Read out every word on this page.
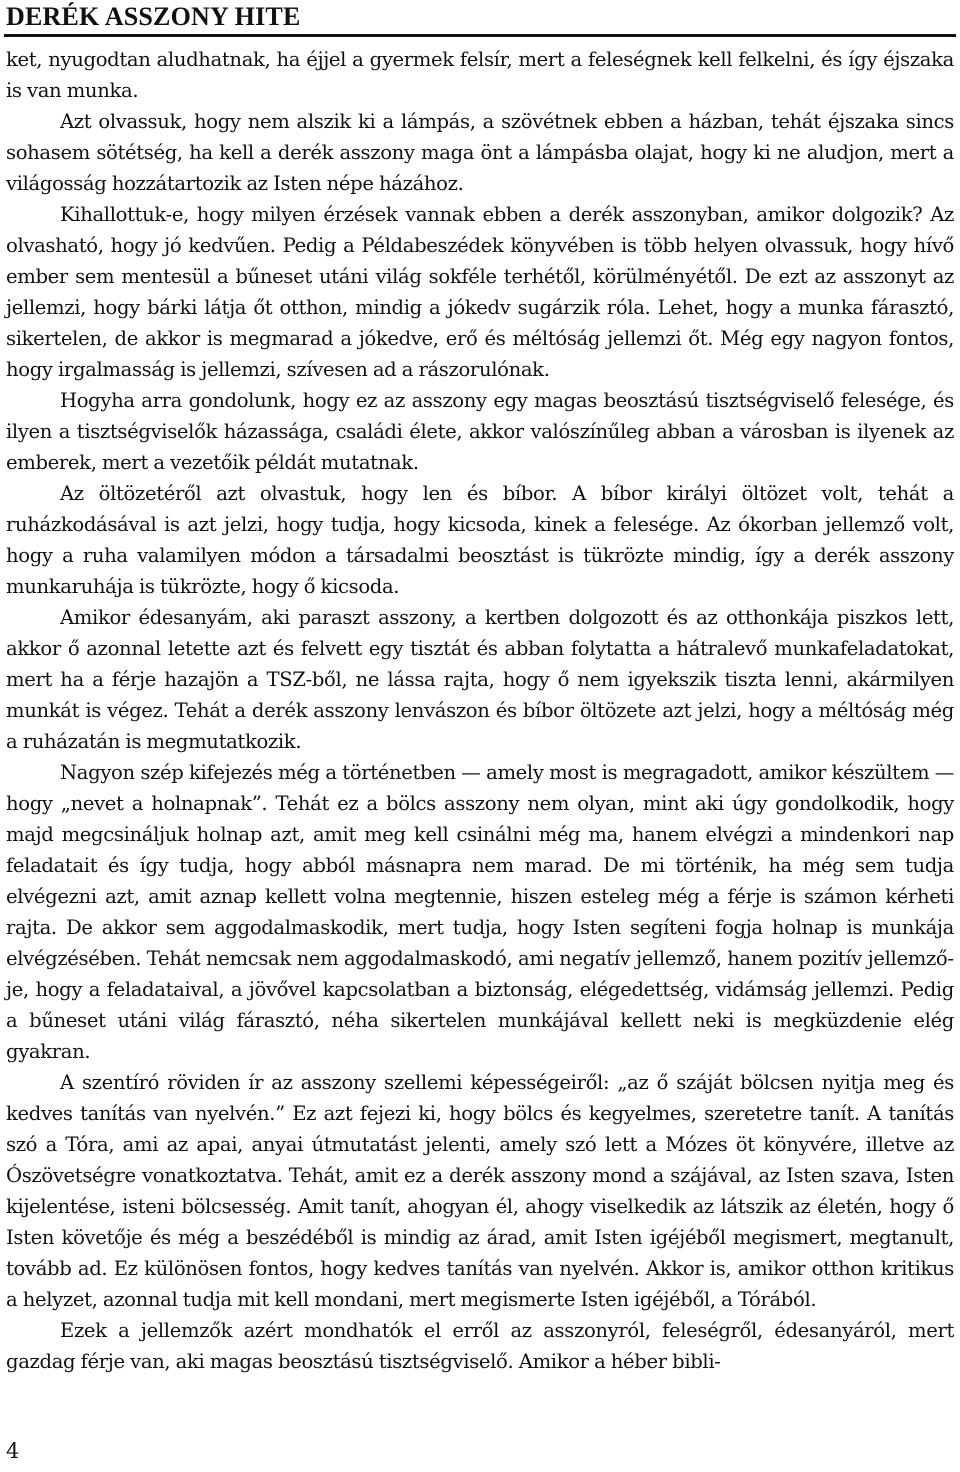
DERÉK ASSZONY HITE

ket, nyugodtan aludhatnak, ha éjjel a gyermek felsír, mert a feleségnek kell felkelni, és így éjszaka is van munka.

Azt olvassuk, hogy nem alszik ki a lámpás, a szövétnek ebben a házban, tehát éjszaka sincs sohasem sötétség, ha kell a derék asszony maga önt a lámpásba olajat, hogy ki ne aludjon, mert a világosság hozzátartozik az Isten népe házához.

Kihallottuk-e, hogy milyen érzések vannak ebben a derék asszonyban, amikor dolgozik? Az olvasható, hogy jó kedvűen. Pedig a Példabeszédek könyvében is több helyen olvassuk, hogy hívő ember sem mentesül a bűneset utáni világ sokféle terhétől, körülményétől. De ezt az asszonyt az jellemzi, hogy bárki látja őt otthon, mindig a jókedv sugárzik róla. Lehet, hogy a munka fárasztó, sikertelen, de akkor is megmarad a jókedve, erő és méltóság jellemzi őt. Még egy nagyon fontos, hogy irgalmasság is jellemzi, szívesen ad a rászorulónak.

Hogyha arra gondolunk, hogy ez az asszony egy magas beosztású tisztségviselő felesége, és ilyen a tisztségviselők házassága, családi élete, akkor valószínűleg abban a városban is ilyenek az emberek, mert a vezetőik példát mutatnak.

Az öltözetéről azt olvastuk, hogy len és bíbor. A bíbor királyi öltözet volt, tehát a ruházkodásával is azt jelzi, hogy tudja, hogy kicsoda, kinek a felesége. Az ókorban jellemző volt, hogy a ruha valamilyen módon a társadalmi beosztást is tükrözte mindig, így a derék asszony munkaruhája is tükrözte, hogy ő kicsoda.

Amikor édesanyám, aki paraszt asszony, a kertben dolgozott és az otthonkája piszkos lett, akkor ő azonnal letette azt és felvett egy tisztát és abban folytatta a hátralevő munkafeladatokat, mert ha a férje hazajön a TSZ-ből, ne lássa rajta, hogy ő nem igyekszik tiszta lenni, akármilyen munkát is végez. Tehát a derék asszony lenvászon és bíbor öltözete azt jelzi, hogy a méltóság még a ruházatán is megmutatkozik.

Nagyon szép kifejezés még a történetben — amely most is megragadott, amikor készültem — hogy „nevet a holnapnak”. Tehát ez a bölcs asszony nem olyan, mint aki úgy gondolkodik, hogy majd megcsináljuk holnap azt, amit meg kell csinálni még ma, hanem elvégzi a mindenkori nap feladatait és így tudja, hogy abból másnapra nem marad. De mi történik, ha még sem tudja elvégezni azt, amit aznap kellett volna megtennie, hiszen esteleg még a férje is számon kérheti rajta. De akkor sem aggodalmaskodik, mert tudja, hogy Isten segíteni fogja holnap is munkája elvégzésében. Tehát nemcsak nem aggodalmaskodó, ami negatív jellemző, hanem pozitív jellemzője, hogy a feladataival, a jövővel kapcsolatban a biztonság, elégedettség, vidámság jellemzi. Pedig a bűneset utáni világ fárasztó, néha sikertelen munkájával kellett neki is megküzdenie elég gyakran.

A szentíró röviden ír az asszony szellemi képességeiről: „az ő száját bölcsen nyitja meg és kedves tanítás van nyelvén.” Ez azt fejezi ki, hogy bölcs és kegyelmes, szeretetre tanít. A tanítás szó a Tóra, ami az apai, anyai útmutatást jelenti, amely szó lett a Mózes öt könyvére, illetve az Ószövetségre vonatkoztatva. Tehát, amit ez a derék asszony mond a szájával, az Isten szava, Isten kijelentése, isteni bölcsesség. Amit tanít, ahogyan él, ahogy viselkedik az látszik az életén, hogy ő Isten követője és még a beszédéből is mindig az árad, amit Isten igéjéből megismert, megtanult, tovább ad. Ez különösen fontos, hogy kedves tanítás van nyelvén. Akkor is, amikor otthon kritikus a helyzet, azonnal tudja mit kell mondani, mert megismerte Isten igéjéből, a Tórából.

Ezek a jellemzők azért mondhatók el erről az asszonyról, feleségről, édesanyáról, mert gazdag férje van, aki magas beosztású tisztségviselő. Amikor a héber bibli-

4
